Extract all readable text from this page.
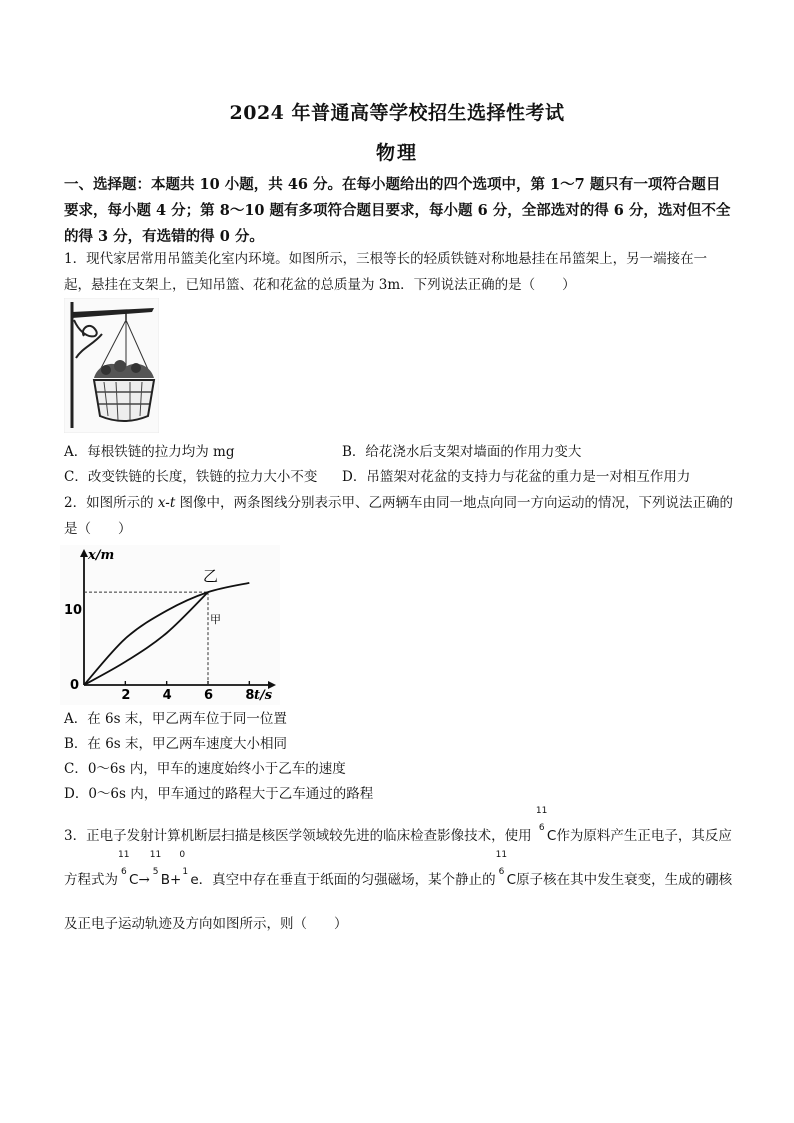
2024 年普通高等学校招生选择性考试
物理
一、选择题：本题共 10 小题，共 46 分。在每小题给出的四个选项中，第 1～7 题只有一项符合题目要求，每小题 4 分；第 8～10 题有多项符合题目要求，每小题 6 分，全部选对的得 6 分，选对但不全的得 3 分，有选错的得 0 分。
1．现代家居常用吊篮美化室内环境。如图所示，三根等长的轻质铁链对称地悬挂在吊篮架上，另一端接在一起，悬挂在支架上，已知吊篮、花和花盆的总质量为 3m．下列说法正确的是（　　）
A．每根铁链的拉力均为 mg	B．给花浇水后支架对墙面的作用力变大
C．改变铁链的长度，铁链的拉力大小不变 D．吊篮架对花盆的支持力与花盆的重力是一对相互作用力
2．如图所示的 x-t 图像中，两条图线分别表示甲、乙两辆车由同一地点向同一方向运动的情况，下列说法正确的是（　　）
x/m
t/s
0
10
2 4 6 8
乙
甲
A．在 6s 末，甲乙两车位于同一位置
B．在 6s 末，甲乙两车速度大小相同
C．0～6s 内，甲车的速度始终小于乙车的速度
D．0～6s 内，甲车通过的路程大于乙车通过的路程
3．正电子发射计算机断层扫描是核医学领域较先进的临床检查影像技术，使用
11
6 C作为原料产生正电子，其反应方程式为
11
6 C→
11
5 B+
0
1 e．真空中存在垂直于纸面的匀强磁场，某个静止的
11
6 C原子核在其中发生衰变，生成的硼核及正电子运动轨迹及方向如图所示，则（　　）
